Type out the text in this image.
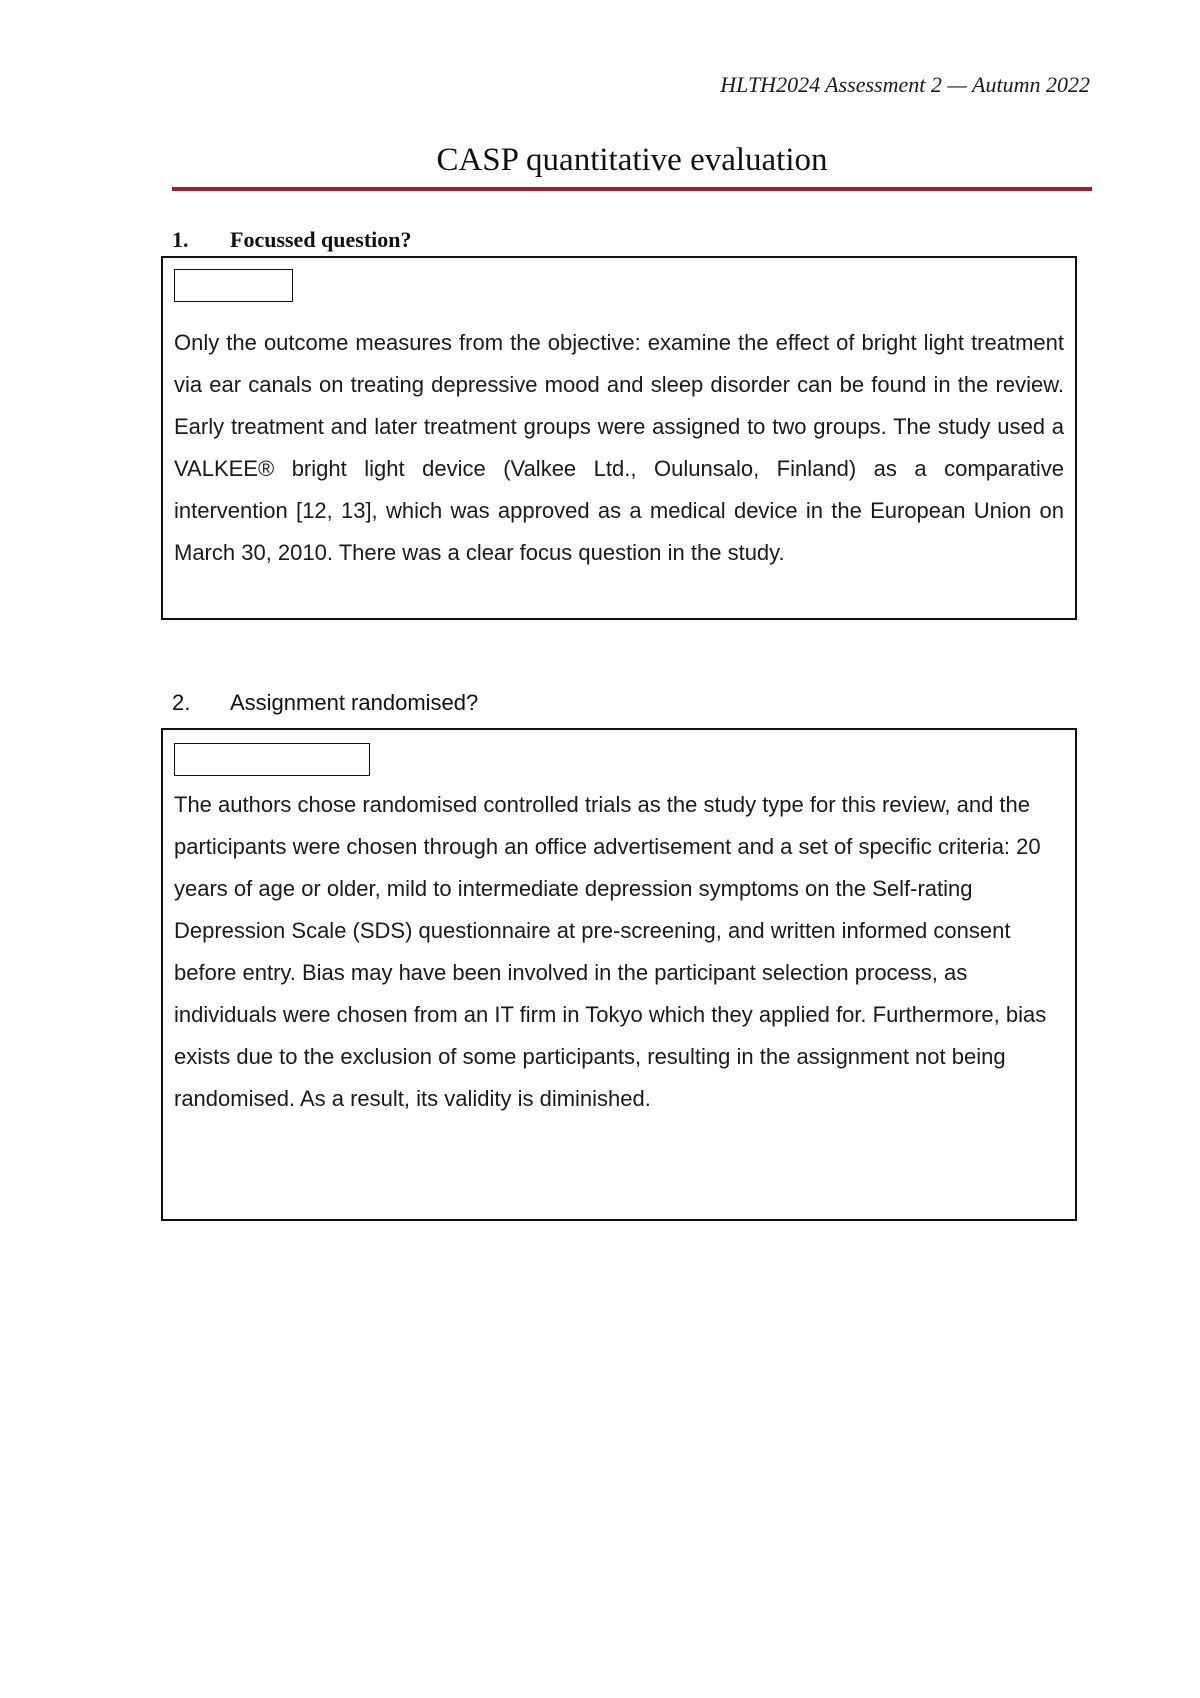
HLTH2024 Assessment 2 — Autumn 2022
CASP quantitative evaluation
1.	Focussed question?
Only the outcome measures from the objective: examine the effect of bright light treatment via ear canals on treating depressive mood and sleep disorder can be found in the review. Early treatment and later treatment groups were assigned to two groups. The study used a VALKEE® bright light device (Valkee Ltd., Oulunsalo, Finland) as a comparative intervention [12, 13], which was approved as a medical device in the European Union on March 30, 2010. There was a clear focus question in the study.
2.	Assignment randomised?
The authors chose randomised controlled trials as the study type for this review, and the participants were chosen through an office advertisement and a set of specific criteria: 20 years of age or older, mild to intermediate depression symptoms on the Self-rating Depression Scale (SDS) questionnaire at pre-screening, and written informed consent before entry. Bias may have been involved in the participant selection process, as individuals were chosen from an IT firm in Tokyo which they applied for. Furthermore, bias exists due to the exclusion of some participants, resulting in the assignment not being randomised. As a result, its validity is diminished.
